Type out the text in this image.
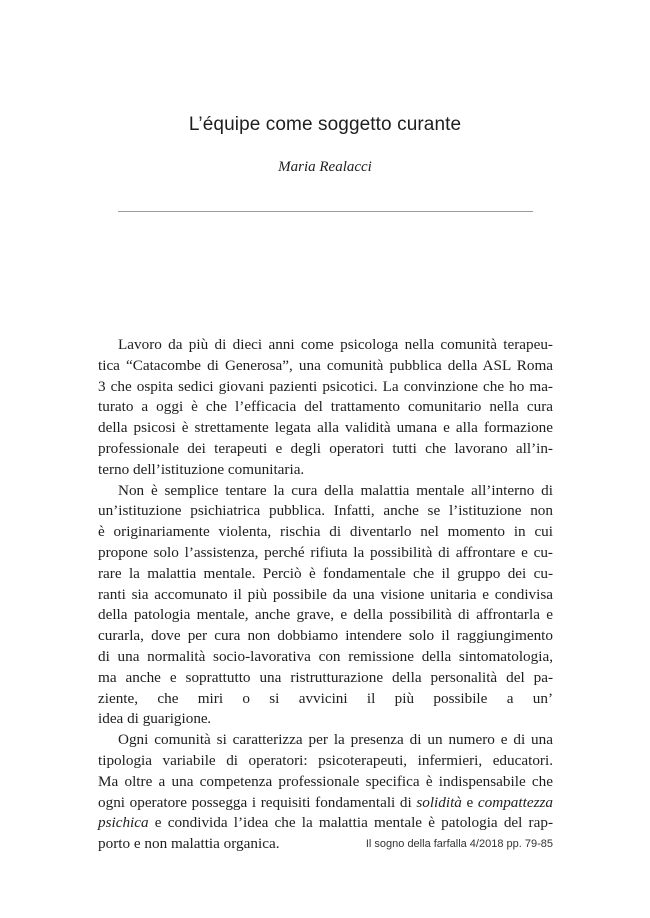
L’équipe come soggetto curante
Maria Realacci

Lavoro da più di dieci anni come psicologa nella comunità terapeu-
tica “Catacombe di Generosa”, una comunità pubblica della ASL Roma
3 che ospita sedici giovani pazienti psicotici. La convinzione che ho ma-
turato a oggi è che l’efficacia del trattamento comunitario nella cura
della psicosi è strettamente legata alla validità umana e alla formazione
professionale dei terapeuti e degli operatori tutti che lavorano all’in-
terno dell’istituzione comunitaria.

Non è semplice tentare la cura della malattia mentale all’interno di
un’istituzione psichiatrica pubblica. Infatti, anche se l’istituzione non
è originariamente violenta, rischia di diventarlo nel momento in cui
propone solo l’assistenza, perché rifiuta la possibilità di affrontare e cu-
rare la malattia mentale. Perciò è fondamentale che il gruppo dei cu-
ranti sia accomunato il più possibile da una visione unitaria e condivisa
della patologia mentale, anche grave, e della possibilità di affrontarla e
curarla, dove per cura non dobbiamo intendere solo il raggiungimento
di una normalità socio-lavorativa con remissione della sintomatologia,
ma anche e soprattutto una ristrutturazione della personalità del pa-
ziente, che miri o si avvicini il più possibile a un’
idea di guarigione.

Ogni comunità si caratterizza per la presenza di un numero e di una
tipologia variabile di operatori: psicoterapeuti, infermieri, educatori.
Ma oltre a una competenza professionale specifica è indispensabile che
ogni operatore possegga i requisiti fondamentali di solidità e compattezza
psichica e condivida l’idea che la malattia mentale è patologia del rap-
porto e non malattia organica.	Il sogno della farfalla 4/2018 pp. 79-85
